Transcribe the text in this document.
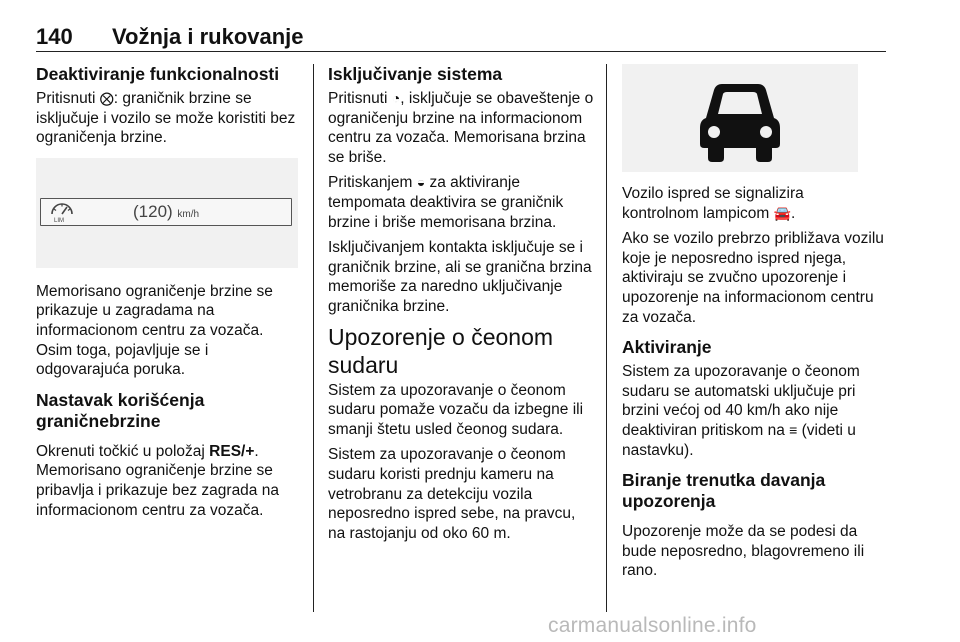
140 Vožnja i rukovanje
Deaktiviranje funkcionalnosti

Pritisnuti ⨂: graničnik brzine se isključuje i vozilo se može koristiti bez ograničenja brzine.

LIM	(120) km/h

Memorisano ograničenje brzine se prikazuje u zagradama na informacionom centru za vozača. Osim toga, pojavljuje se i odgovarajuća poruka.

Nastavak korišćenja graničnebrzine

Okrenuti točkić u položaj RES/+. Memorisano ograničenje brzine se pribavlja i prikazuje bez zagrada na informacionom centru za vozača.

Isključivanje sistema

Pritisnuti ◔, isključuje se obaveštenje o ograničenju brzine na informacionom centru za vozača. Memorisana brzina se briše.

Pritiskanjem ◒ za aktiviranje tempomata deaktivira se graničnik brzine i briše memorisana brzina.

Isključivanjem kontakta isključuje se i graničnik brzine, ali se granična brzina memoriše za naredno uključivanje graničnika brzine.

Upozorenje o čeonom sudaru

Sistem za upozoravanje o čeonom sudaru pomaže vozaču da izbegne ili smanji štetu usled čeonog sudara.

Sistem za upozoravanje o čeonom sudaru koristi prednju kameru na vetrobranu za detekciju vozila neposredno ispred sebe, na pravcu, na rastojanju od oko 60 m.

Vozilo ispred se signalizira kontrolnom lampicom 🚘.

Ako se vozilo prebrzo približava vozilu koje je neposredno ispred njega, aktiviraju se zvučno upozorenje i upozorenje na informacionom centru za vozača.

Aktiviranje

Sistem za upozoravanje o čeonom sudaru se automatski uključuje pri brzini većoj od 40 km/h ako nije deaktiviran pritiskom na ≡ (videti u nastavku).

Biranje trenutka davanja upozorenja

Upozorenje može da se podesi da bude neposredno, blagovremeno ili rano.

carmanualsonline.info
